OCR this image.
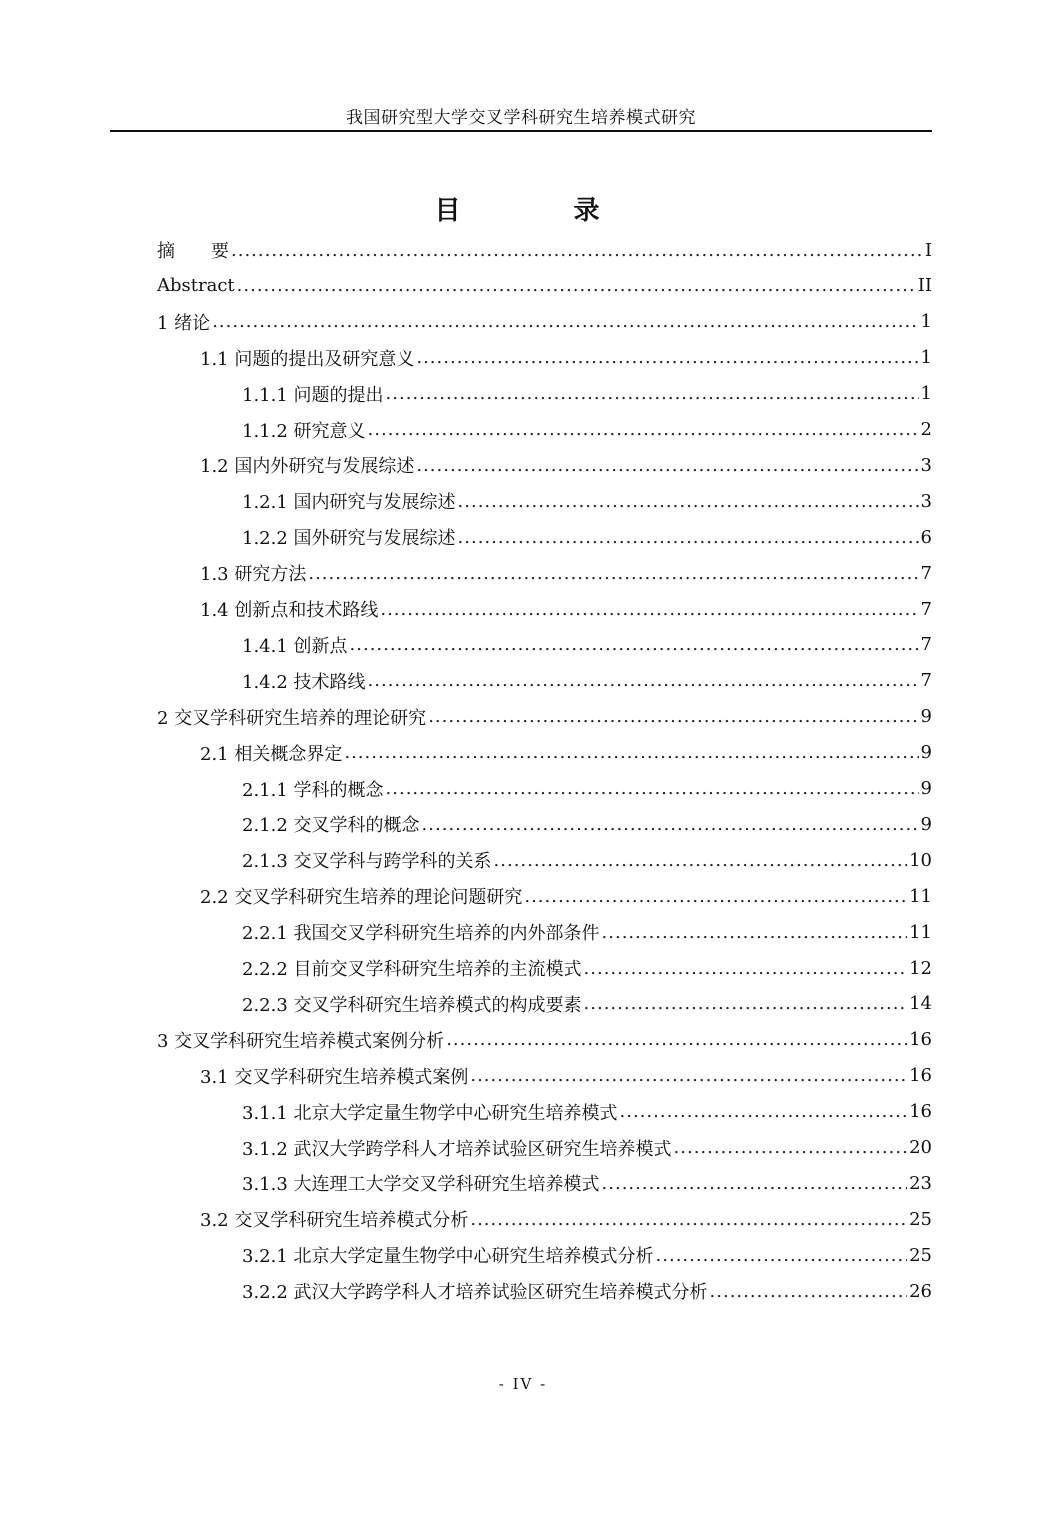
我国研究型大学交叉学科研究生培养模式研究
目 录
摘　　要 .....	I
Abstract .....	II
1 绪论 .....	1
1.1 问题的提出及研究意义 .....	1
1.1.1 问题的提出 .....	1
1.1.2 研究意义 .....	2
1.2 国内外研究与发展综述 .....	3
1.2.1 国内研究与发展综述 .....	3
1.2.2 国外研究与发展综述 .....	6
1.3 研究方法 .....	7
1.4 创新点和技术路线 .....	7
1.4.1 创新点 .....	7
1.4.2 技术路线 .....	7
2 交叉学科研究生培养的理论研究 .....	9
2.1 相关概念界定 .....	9
2.1.1 学科的概念 .....	9
2.1.2 交叉学科的概念 .....	9
2.1.3 交叉学科与跨学科的关系 .....	10
2.2 交叉学科研究生培养的理论问题研究 .....	11
2.2.1 我国交叉学科研究生培养的内外部条件 .....	11
2.2.2 目前交叉学科研究生培养的主流模式 .....	12
2.2.3 交叉学科研究生培养模式的构成要素 .....	14
3 交叉学科研究生培养模式案例分析 .....	16
3.1 交叉学科研究生培养模式案例 .....	16
3.1.1 北京大学定量生物学中心研究生培养模式 .....	16
3.1.2 武汉大学跨学科人才培养试验区研究生培养模式 .....	20
3.1.3 大连理工大学交叉学科研究生培养模式 .....	23
3.2 交叉学科研究生培养模式分析 .....	25
3.2.1 北京大学定量生物学中心研究生培养模式分析 .....	25
3.2.2 武汉大学跨学科人才培养试验区研究生培养模式分析 .....	26
- IV -
